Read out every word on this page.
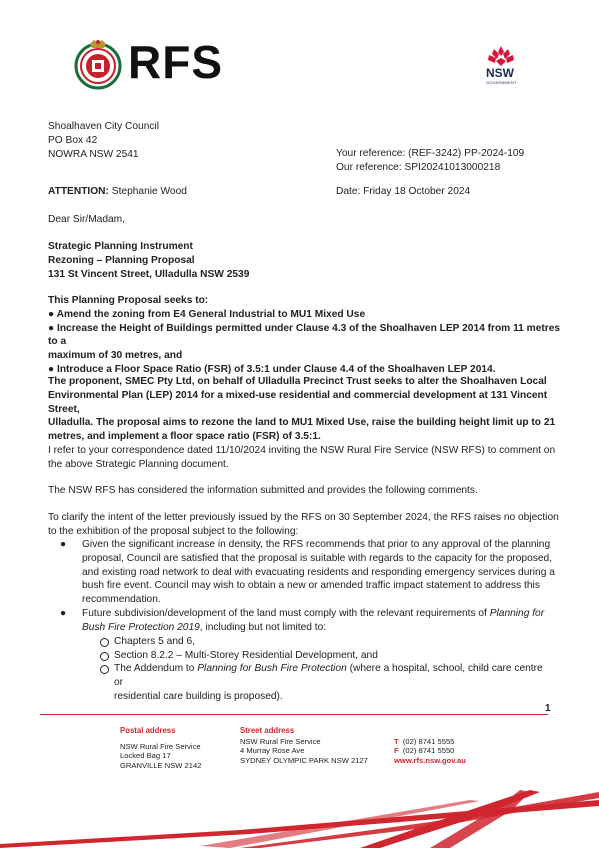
RFS	NSW
GOVERNMENT
Shoalhaven City Council
PO Box 42
NOWRA NSW 2541	Your reference: (REF-3242) PP-2024-109
Our reference: SPI20241013000218
ATTENTION: Stephanie Wood	Date: Friday 18 October 2024
Dear Sir/Madam,
Strategic Planning Instrument
Rezoning – Planning Proposal
131 St Vincent Street, Ulladulla NSW 2539
This Planning Proposal seeks to:
● Amend the zoning from E4 General Industrial to MU1 Mixed Use
● Increase the Height of Buildings permitted under Clause 4.3 of the Shoalhaven LEP 2014 from 11 metres to a
maximum of 30 metres, and
● Introduce a Floor Space Ratio (FSR) of 3.5:1 under Clause 4.4 of the Shoalhaven LEP 2014.
The proponent, SMEC Pty Ltd, on behalf of Ulladulla Precinct Trust seeks to alter the Shoalhaven Local
Environmental Plan (LEP) 2014 for a mixed-use residential and commercial development at 131 Vincent Street,
Ulladulla. The proposal aims to rezone the land to MU1 Mixed Use, raise the building height limit up to 21
metres, and implement a floor space ratio (FSR) of 3.5:1.
I refer to your correspondence dated 11/10/2024 inviting the NSW Rural Fire Service (NSW RFS) to comment on
the above Strategic Planning document.
The NSW RFS has considered the information submitted and provides the following comments.
To clarify the intent of the letter previously issued by the RFS on 30 September 2024, the RFS raises no objection
to the exhibition of the proposal subject to the following:
● Given the significant increase in density, the RFS recommends that prior to any approval of the planning
proposal, Council are satisfied that the proposal is suitable with regards to the capacity for the proposed,
and existing road network to deal with evacuating residents and responding emergency services during a
bush fire event. Council may wish to obtain a new or amended traffic impact statement to address this
recommendation.
● Future subdivision/development of the land must comply with the relevant requirements of Planning for
Bush Fire Protection 2019, including but not limited to:
Chapters 5 and 6,
Section 8.2.2 – Multi-Storey Residential Development, and
The Addendum to Planning for Bush Fire Protection (where a hospital, school, child care centre or
residential care building is proposed).
1
Postal address
NSW Rural Fire Service
Locked Bag 17
GRANVILLE NSW 2142
Street address
NSW Rural Fire Service
4 Murray Rose Ave
SYDNEY OLYMPIC PARK NSW 2127
T (02) 8741 5555
F (02) 8741 5550
www.rfs.nsw.gov.au
